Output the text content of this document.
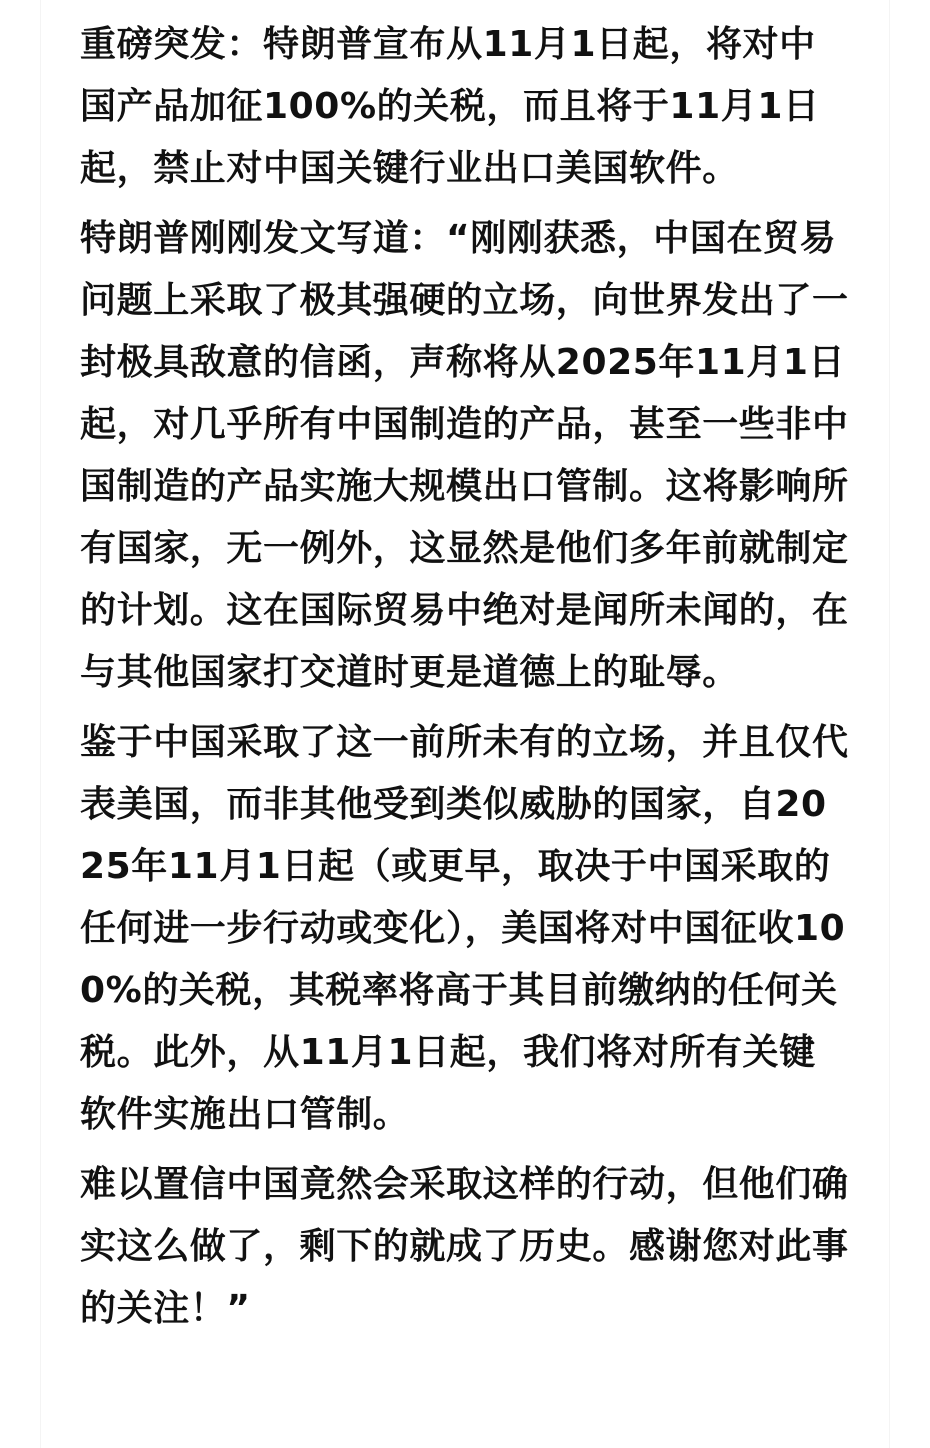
重磅突发：特朗普宣布从11月1日起，将对中国产品加征100%的关税，而且将于11月1日起，禁止对中国关键行业出口美国软件。

特朗普刚刚发文写道：“刚刚获悉，中国在贸易问题上采取了极其强硬的立场，向世界发出了一封极具敌意的信函，声称将从2025年11月1日起，对几乎所有中国制造的产品，甚至一些非中国制造的产品实施大规模出口管制。这将影响所有国家，无一例外，这显然是他们多年前就制定的计划。这在国际贸易中绝对是闻所未闻的，在与其他国家打交道时更是道德上的耻辱。

鉴于中国采取了这一前所未有的立场，并且仅代表美国，而非其他受到类似威胁的国家，自2025年11月1日起（或更早，取决于中国采取的任何进一步行动或变化），美国将对中国征收100%的关税，其税率将高于其目前缴纳的任何关税。此外，从11月1日起，我们将对所有关键软件实施出口管制。

难以置信中国竟然会采取这样的行动，但他们确实这么做了，剩下的就成了历史。感谢您对此事的关注！”
